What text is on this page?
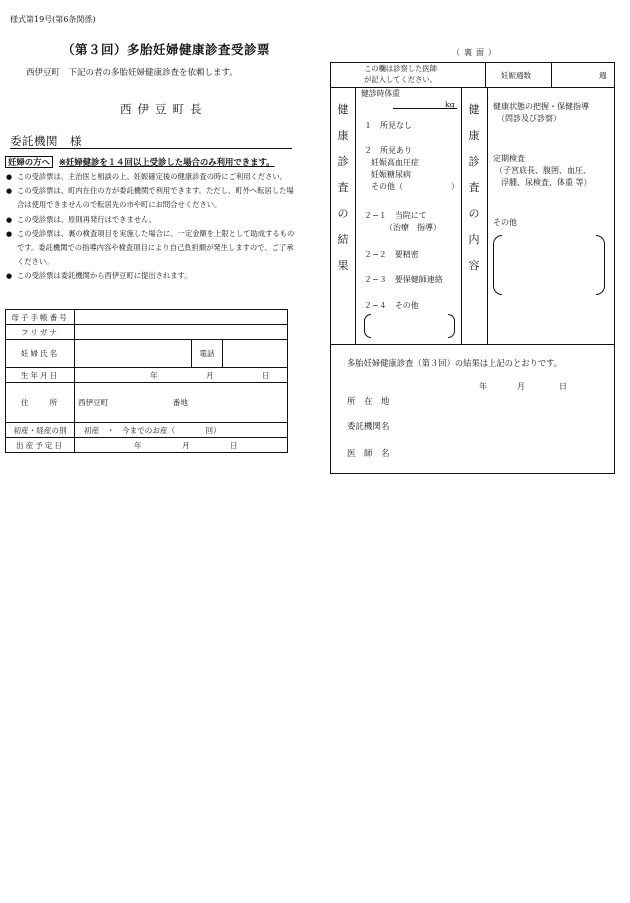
様式第19号(第6条関係)
（第３回）多胎妊婦健康診査受診票
西伊豆町　下記の者の多胎妊婦健康診査を依頼します。
西伊豆町長
委託機関　様
妊婦の方へ ※妊婦健診を１４回以上受診した場合のみ利用できます。
● この受診票は、主治医と相談の上、妊娠確定後の健康診査の時にご利用ください。
● この受診票は、町内在住の方が委託機関で利用できます。ただし、町外へ転居した場合は使用できませんので転居先の市や町にお問合せください。
● この受診票は、原則再発行はできません。
● この受診票は、裏の検査項目を実施した場合に、一定金額を上限として助成するものです。委託機関での指導内容や検査項目により自己負担額が発生しますので、ご了承ください。
● この受診票は委託機関から西伊豆町に提出されます。
母子手帳番号			
フリガナ			
妊婦氏名		電話	
生年月日	年 月 日		
住　　所	西伊豆町 番地		
初産・経産の別	初産　・　今までのお産（　　　　回）		
出産予定日	年 月 日		
（裏面）
この欄は診察した医師
が記入してください。	妊娠週数	週
健
康
診
査
の
結
果
健
康
診
査
の
内
容
健診時体重
kg
１　所見なし
２　所見あり
妊娠高血圧症
妊娠糖尿病
その他（	）
２−１　当院にて
（治療　指導）
２−２　要精密
２−３　要保健師連絡
２−４　その他
健康状態の把握・保健指導
（問診及び診察）
定期検査
（子宮底長、腹囲、血圧、
浮腫、尿検査、体重 等）
その他
多胎妊婦健康診査（第３回）の結果は上記のとおりです。
年	月	日
所　在　地
委託機関名
医　師　名
